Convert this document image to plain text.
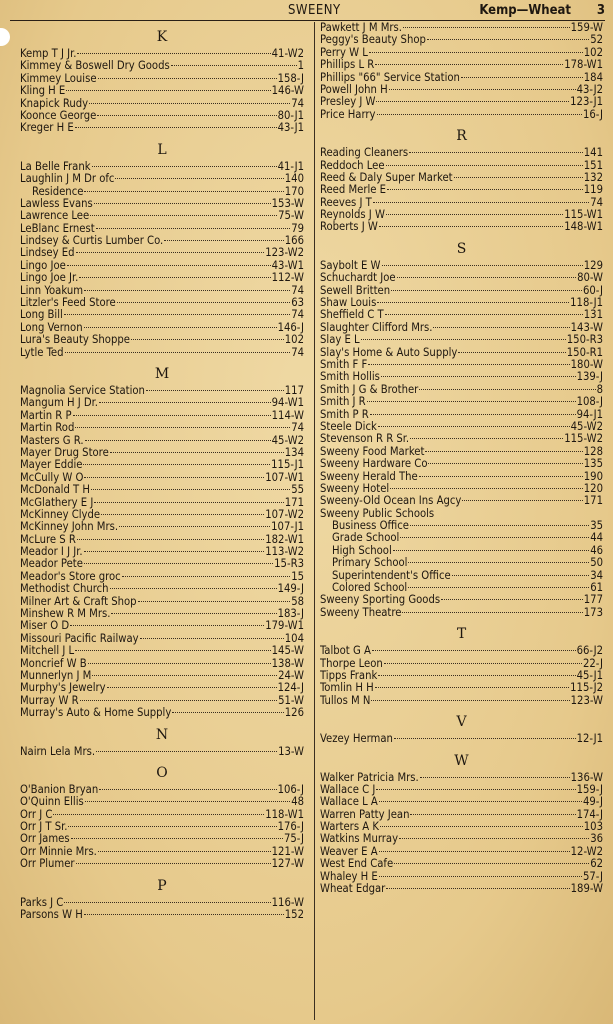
SWEENY	Kemp—Wheat 3
K
Kemp T J Jr.	41-W2
Kimmey & Boswell Dry Goods	1
Kimmey Louise	158-J
Kling H E	146-W
Knapick Rudy	74
Koonce George	80-J1
Kreger H E	43-J1
L
La Belle Frank	41-J1
Laughlin J M Dr ofc	140
Residence	170
Lawless Evans	153-W
Lawrence Lee	75-W
LeBlanc Ernest	79
Lindsey & Curtis Lumber Co.	166
Lindsey Ed	123-W2
Lingo Joe	43-W1
Lingo Joe Jr.	112-W
Linn Yoakum	74
Litzler's Feed Store	63
Long Bill	74
Long Vernon	146-J
Lura's Beauty Shoppe	102
Lytle Ted	74
M
Magnolia Service Station	117
Mangum H J Dr.	94-W1
Martin R P	114-W
Martin Rod	74
Masters G R.	45-W2
Mayer Drug Store	134
Mayer Eddie	115-J1
McCully W O	107-W1
McDonald T H	55
McGlathery E J	171
McKinney Clyde	107-W2
McKinney John Mrs.	107-J1
McLure S R	182-W1
Meador I J Jr.	113-W2
Meador Pete	15-R3
Meador's Store groc	15
Methodist Church	149-J
Milner Art & Craft Shop	58
Minshew R M Mrs.	183-J
Miser O D	179-W1
Missouri Pacific Railway	104
Mitchell J L	145-W
Moncrief W B	138-W
Munnerlyn J M	24-W
Murphy's Jewelry	124-J
Murray W R	51-W
Murray's Auto & Home Supply	126
N
Nairn Lela Mrs.	13-W
O
O'Banion Bryan	106-J
O'Quinn Ellis	48
Orr J C	118-W1
Orr J T Sr.	176-J
Orr James	75-J
Orr Minnie Mrs.	121-W
Orr Plumer	127-W
P
Parks J C	116-W
Parsons W H	152
Pawkett J M Mrs.	159-W
Peggy's Beauty Shop	52
Perry W L	102
Phillips L R	178-W1
Phillips "66" Service Station	184
Powell John H	43-J2
Presley J W	123-J1
Price Harry	16-J
R
Reading Cleaners	141
Reddoch Lee	151
Reed & Daly Super Market	132
Reed Merle E	119
Reeves J T	74
Reynolds J W	115-W1
Roberts J W	148-W1
S
Saybolt E W	129
Schuchardt Joe	80-W
Sewell Britten	60-J
Shaw Louis	118-J1
Sheffield C T	131
Slaughter Clifford Mrs.	143-W
Slay E L	150-R3
Slay's Home & Auto Supply	150-R1
Smith F F	180-W
Smith Hollis	139-J
Smith J G & Brother	8
Smith J R	108-J
Smith P R	94-J1
Steele Dick	45-W2
Stevenson R R Sr.	115-W2
Sweeny Food Market	128
Sweeny Hardware Co	135
Sweeny Herald The	190
Sweeny Hotel	120
Sweeny-Old Ocean Ins Agcy	171
Sweeny Public Schools
Business Office	35
Grade School	44
High School	46
Primary School	50
Superintendent's Office	34
Colored School	61
Sweeny Sporting Goods	177
Sweeny Theatre	173
T
Talbot G A	66-J2
Thorpe Leon	22-J
Tipps Frank	45-J1
Tomlin H H	115-J2
Tullos M N	123-W
V
Vezey Herman	12-J1
W
Walker Patricia Mrs.	136-W
Wallace C J	159-J
Wallace L A	49-J
Warren Patty Jean	174-J
Warters A K	103
Watkins Murray	36
Weaver E A	12-W2
West End Cafe	62
Whaley H E	57-J
Wheat Edgar	189-W
